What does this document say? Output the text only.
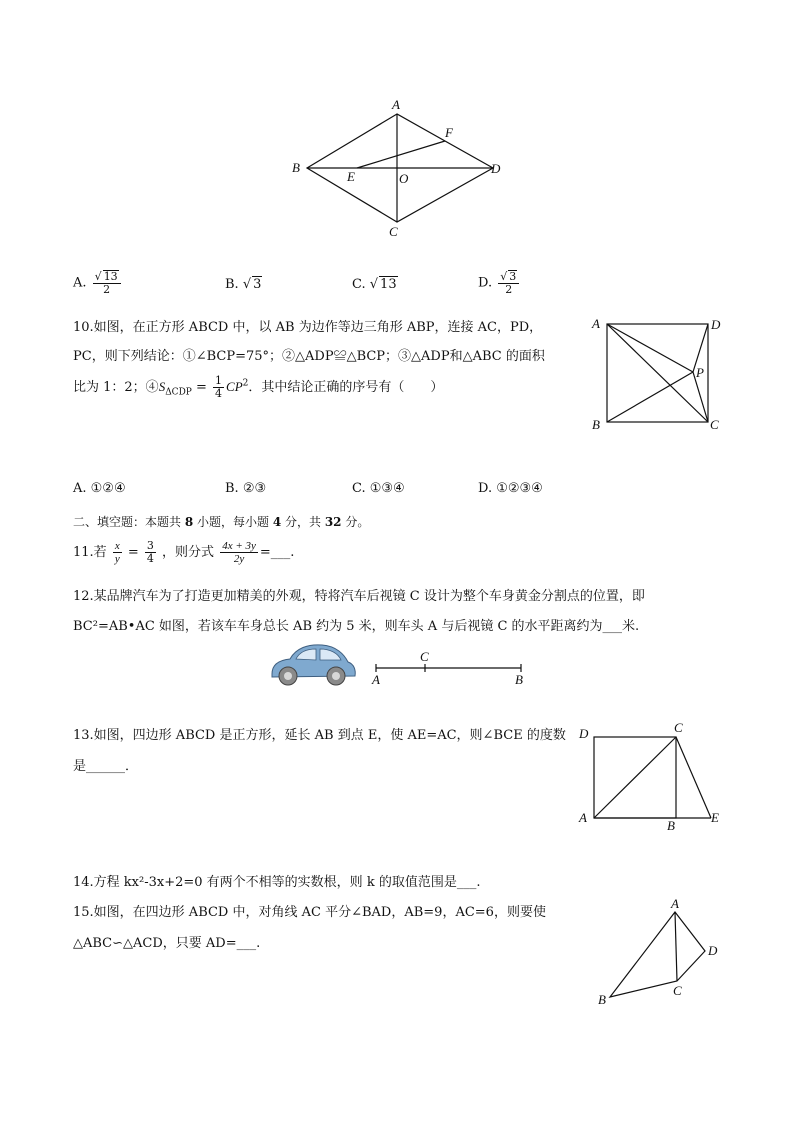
A
B
C
D
E
F
O
A. $\frac{√ 13}{2}$	B. √ 3	C. √ 13	D. $\frac{√ 3}{2}$
10.如图，在正方形 ABCD 中，以 AB 为边作等边三角形 ABP，连接 AC，PD，
PC，则下列结论：①∠BCP=75°；②△ADP≌△BCP；③△ADP和△ABC 的面积
比为 1：2；$④S_{\Delta CDP} = \frac{1}{4} CP^2$．其中结论正确的序号有（　　）
A	D
P
B	C
A. ①②④	B. ②③	C. ①③④	D. ①②③④
二、填空题：本题共 8 小题，每小题 4 分，共 32 分。
11.若 $\frac{x}{y} = \frac{3}{4}$ ，则分式 $\frac{4x + 3y}{2y}$ =___.
12.某品牌汽车为了打造更加精美的外观，特将汽车后视镜 C 设计为整个车身黄金分割点的位置，即
BC²=AB•AC 如图，若该车车身总长 AB 约为 5 米，则车头 A 与后视镜 C 的水平距离约为___米.
A
C
B
13.如图，四边形 ABCD 是正方形，延长 AB 到点 E，使 AE=AC，则∠BCE 的度数
是______．
D	C
A
B
E
14.方程 kx²-3x+2=0 有两个不相等的实数根，则 k 的取值范围是___.
15.如图，在四边形 ABCD 中，对角线 AC 平分∠BAD，AB=9，AC=6，则要使
△ABC∽△ACD，只要 AD=___.
A
B
C
D
